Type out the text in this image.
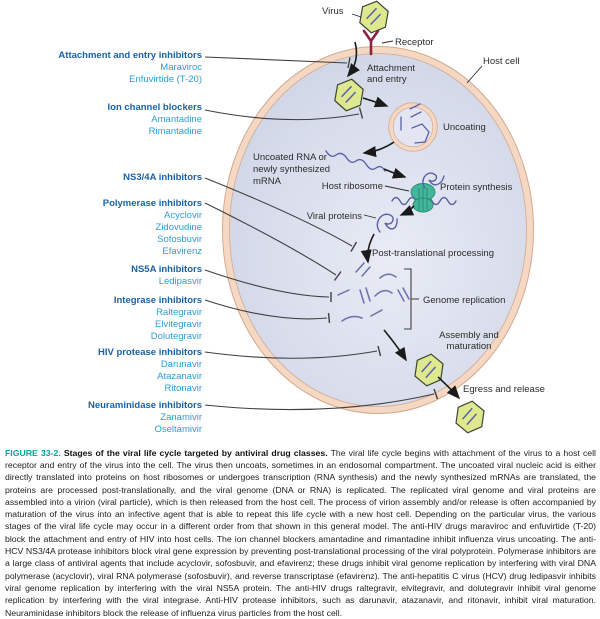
Virus
Receptor
Host cell
Attachment
and entry
Uncoating
Uncoated RNA or
newly synthesized
mRNA	Host ribosome	Protein synthesis
Viral proteins
Post-translational processing
Genome replication
Assembly and
maturation
Egress and release
Attachment and entry inhibitors
Maraviroc
Enfuvirtide (T-20)
Ion channel blockers
Amantadine
Rimantadine
NS3/4A inhibitors
Polymerase inhibitors
Acyclovir
Zidovudine
Sofosbuvir
Efavirenz
NS5A inhibitors
Ledipasvir
Integrase inhibitors
Raltegravir
Elvitegravir
Dolutegravir
HIV protease inhibitors
Darunavir
Atazanavir
Ritonavir
Neuraminidase inhibitors
Zanamivir
Oseltamivir

FIGURE 33-2. Stages of the viral life cycle targeted by antiviral drug classes. The viral life cycle begins with attachment of the virus to a host cell receptor and entry of the virus into the cell. The virus then uncoats, sometimes in an endosomal compartment. The uncoated viral nucleic acid is either directly translated into proteins on host ribosomes or undergoes transcription (RNA synthesis) and the newly synthesized mRNAs are translated, the proteins are processed post-translationally, and the viral genome (DNA or RNA) is replicated. The replicated viral genome and viral proteins are assembled into a virion (viral particle), which is then released from the host cell. The process of virion assembly and/or release is often accompanied by maturation of the virus into an infective agent that is able to repeat this life cycle with a new host cell. Depending on the particular virus, the various stages of the viral life cycle may occur in a different order from that shown in this general model. The anti-HIV drugs maraviroc and enfuvirtide (T-20) block the attachment and entry of HIV into host cells. The ion channel blockers amantadine and rimantadine inhibit influenza virus uncoating. The anti-HCV NS3/4A protease inhibitors block viral gene expression by preventing post-translational processing of the viral polyprotein. Polymerase inhibitors are a large class of antiviral agents that include acyclovir, sofosbuvir, and efavirenz; these drugs inhibit viral genome replication by interfering with viral DNA polymerase (acyclovir), viral RNA polymerase (sofosbuvir), and reverse transcriptase (efavirenz). The anti-hepatitis C virus (HCV) drug ledipasvir inhibits viral genome replication by interfering with the viral NS5A protein. The anti-HIV drugs raltegravir, elvitegravir, and dolutegravir inhibit viral genome replication by interfering with the viral integrase. Anti-HIV protease inhibitors, such as darunavir, atazanavir, and ritonavir, inhibit viral maturation. Neuraminidase inhibitors block the release of influenza virus particles from the host cell.
